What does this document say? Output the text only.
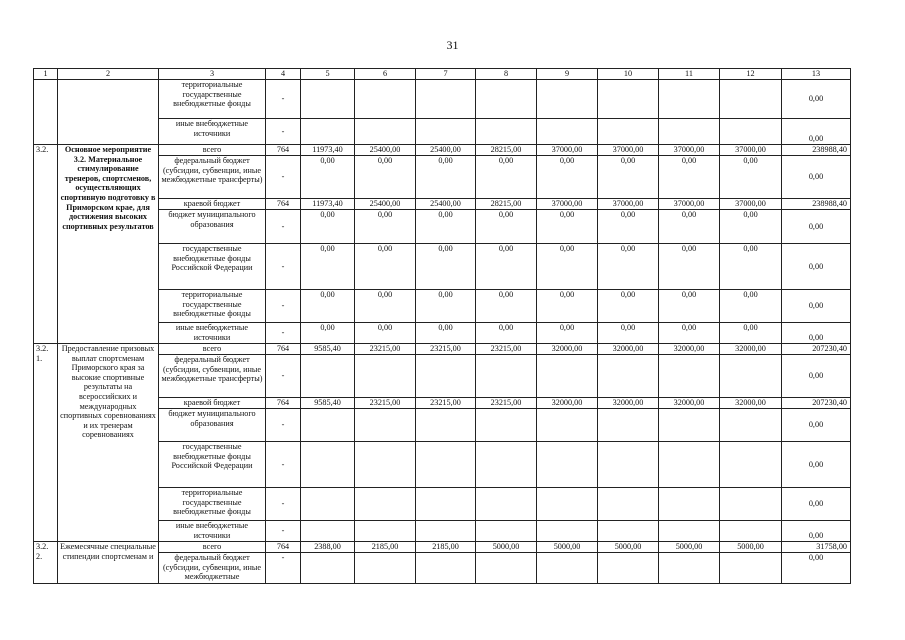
31
1	2	3	4	5	6	7	8	9	10	11	12	13
		территориальные государственные внебюджетные фонды	-									0,00
		иные внебюджетные источники	-									0,00
3.2.	Основное мероприятие 3.2. Материальное стимулирование тренеров, спортсменов, осуществляющих спортивную подготовку в Приморском крае, для достижения высоких спортивных результатов	всего	764	11973,40	25400,00	25400,00	28215,00	37000,00	37000,00	37000,00	37000,00	238988,40
		федеральный бюджет (субсидии, субвенции, иные межбюджетные трансферты)	-	0,00	0,00	0,00	0,00	0,00	0,00	0,00	0,00	0,00
		краевой бюджет	764	11973,40	25400,00	25400,00	28215,00	37000,00	37000,00	37000,00	37000,00	238988,40
		бюджет муниципального образования	-	0,00	0,00	0,00	0,00	0,00	0,00	0,00	0,00	0,00
		государственные внебюджетные фонды Российской Федерации	-	0,00	0,00	0,00	0,00	0,00	0,00	0,00	0,00	0,00
		территориальные государственные внебюджетные фонды	-	0,00	0,00	0,00	0,00	0,00	0,00	0,00	0,00	0,00
		иные внебюджетные источники	-	0,00	0,00	0,00	0,00	0,00	0,00	0,00	0,00	0,00
3.2. 1.	Предоставление призовых выплат спортсменам Приморского края за высокие спортивные результаты на всероссийских и международных спортивных соревнованиях и их тренерам соревнованиях	всего	764	9585,40	23215,00	23215,00	23215,00	32000,00	32000,00	32000,00	32000,00	207230,40
		федеральный бюджет (субсидии, субвенции, иные межбюджетные трансферты)	-									0,00
		краевой бюджет	764	9585,40	23215,00	23215,00	23215,00	32000,00	32000,00	32000,00	32000,00	207230,40
		бюджет муниципального образования	-									0,00
		государственные внебюджетные фонды Российской Федерации	-									0,00
		территориальные государственные внебюджетные фонды	-									0,00
		иные внебюджетные источники	-									0,00
3.2. 2.	Ежемесячные специальные стипендии спортсменам и	всего	764	2388,00	2185,00	2185,00	5000,00	5000,00	5000,00	5000,00	5000,00	31758,00
		федеральный бюджет (субсидии, субвенции, иные межбюджетные	-									0,00
